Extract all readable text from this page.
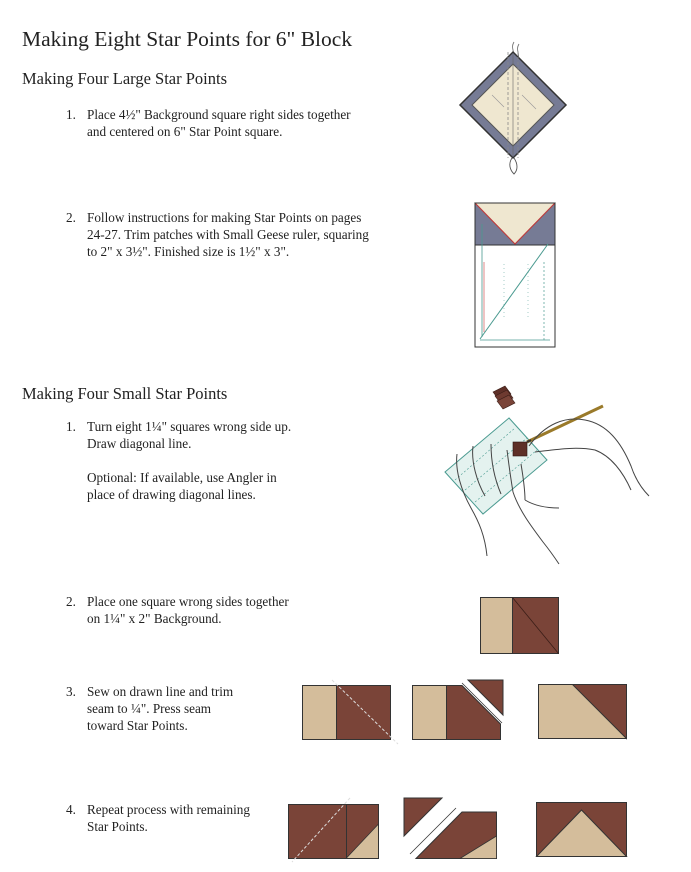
Making Eight Star Points for 6" Block
Making Four Large Star Points
1. Place 4½" Background square right sides together
and centered on 6" Star Point square.
2. Follow instructions for making Star Points on pages
24-27. Trim patches with Small Geese ruler, squaring
to 2" x 3½". Finished size is 1½" x 3".
Making Four Small Star Points
1. Turn eight 1¼" squares wrong side up.
Draw diagonal line.
Optional: If available, use Angler in
place of drawing diagonal lines.
2. Place one square wrong sides together
on 1¼" x 2" Background.
3. Sew on drawn line and trim
seam to ¼". Press seam
toward Star Points.
4. Repeat process with remaining
Star Points.
